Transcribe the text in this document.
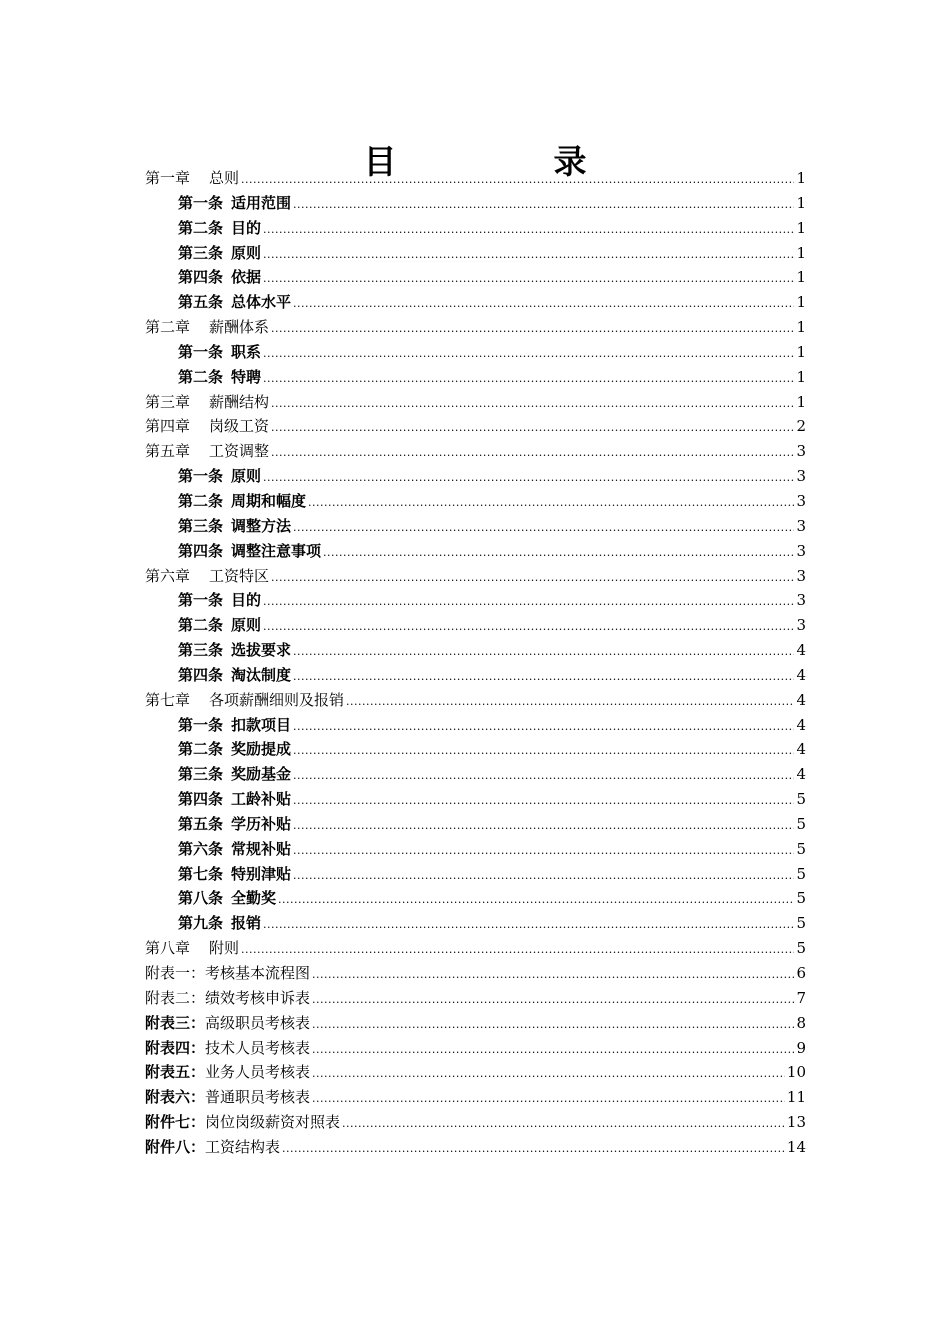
目　录
第一章 总则 .....	1
第一条 适用范围 .....	1
第二条 目的 .....	1
第三条 原则 .....	1
第四条 依据 .....	1
第五条 总体水平 .....	1
第二章 薪酬体系 .....	1
第一条 职系 .....	1
第二条 特聘 .....	1
第三章 薪酬结构 .....	1
第四章 岗级工资 .....	2
第五章 工资调整 .....	3
第一条 原则 .....	3
第二条 周期和幅度 .....	3
第三条 调整方法 .....	3
第四条 调整注意事项 .....	3
第六章 工资特区 .....	3
第一条 目的 .....	3
第二条 原则 .....	3
第三条 选拔要求 .....	4
第四条 淘汰制度 .....	4
第七章 各项薪酬细则及报销 .....	4
第一条 扣款项目 .....	4
第二条 奖励提成 .....	4
第三条 奖励基金 .....	4
第四条 工龄补贴 .....	5
第五条 学历补贴 .....	5
第六条 常规补贴 .....	5
第七条 特别津贴 .....	5
第八条 全勤奖 .....	5
第九条 报销 .....	5
第八章 附则 .....	5
附表一：考核基本流程图 .....	6
附表二：绩效考核申诉表 .....	7
附表三：高级职员考核表 .....	8
附表四：技术人员考核表 .....	9
附表五：业务人员考核表 .....	10
附表六：普通职员考核表 .....	11
附件七：岗位岗级薪资对照表 .....	13
附件八：工资结构表 .....	14
